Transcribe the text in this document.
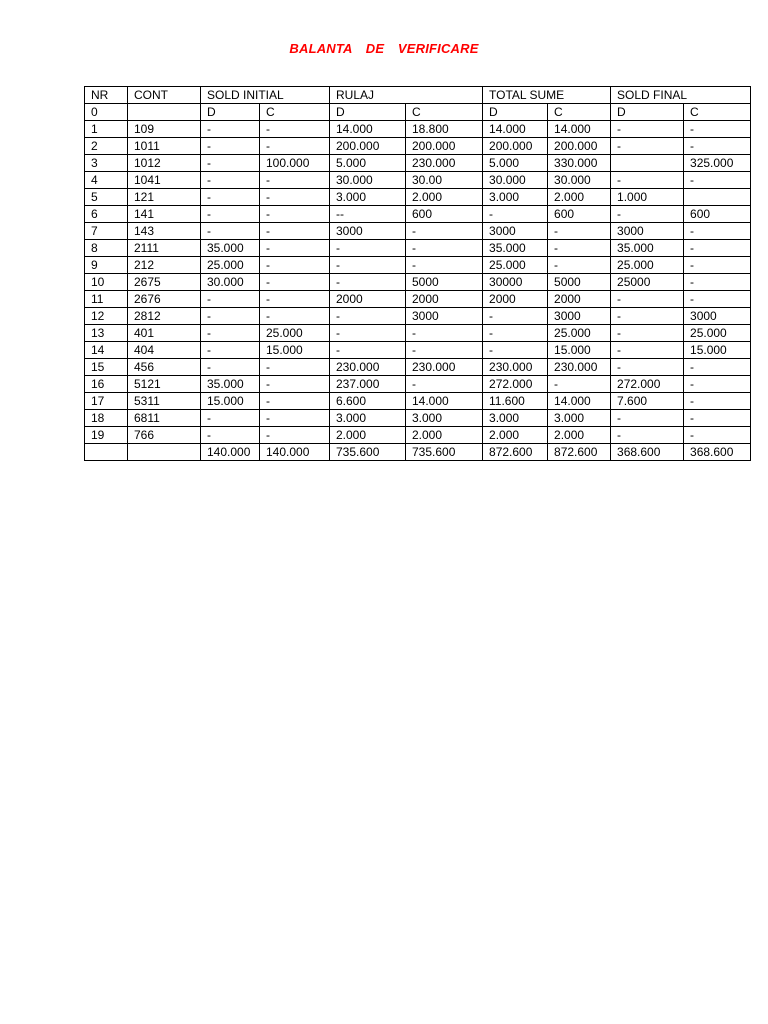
BALANTA  DE  VERIFICARE
NR	CONT	SOLD INITIAL		RULAJ		TOTAL SUME		SOLD FINAL	
0		D	C	D	C	D	C	D	C
1	109	-	-	14.000	18.800	14.000	14.000	-	-
2	1011	-	-	200.000	200.000	200.000	200.000	-	-
3	1012	-	100.000	5.000	230.000	5.000	330.000		325.000
4	1041	-	-	30.000	30.00	30.000	30.000	-	-
5	121	-	-	3.000	2.000	3.000	2.000	1.000	
6	141	-	-	--	600	-	600	-	600
7	143	-	-	3000	-	3000	-	3000	-
8	2111	35.000	-	-	-	35.000	-	35.000	-
9	212	25.000	-	-	-	25.000	-	25.000	-
10	2675	30.000	-	-	5000	30000	5000	25000	-
11	2676	-	-	2000	2000	2000	2000	-	-
12	2812	-	-	-	3000	-	3000	-	3000
13	401	-	25.000	-	-	-	25.000	-	25.000
14	404	-	15.000	-	-	-	15.000	-	15.000
15	456	-	-	230.000	230.000	230.000	230.000	-	-
16	5121	35.000	-	237.000	-	272.000	-	272.000	-
17	5311	15.000	-	6.600	14.000	11.600	14.000	7.600	-
18	6811	-	-	3.000	3.000	3.000	3.000	-	-
19	766	-	-	2.000	2.000	2.000	2.000	-	-
		140.000	140.000	735.600	735.600	872.600	872.600	368.600	368.600
